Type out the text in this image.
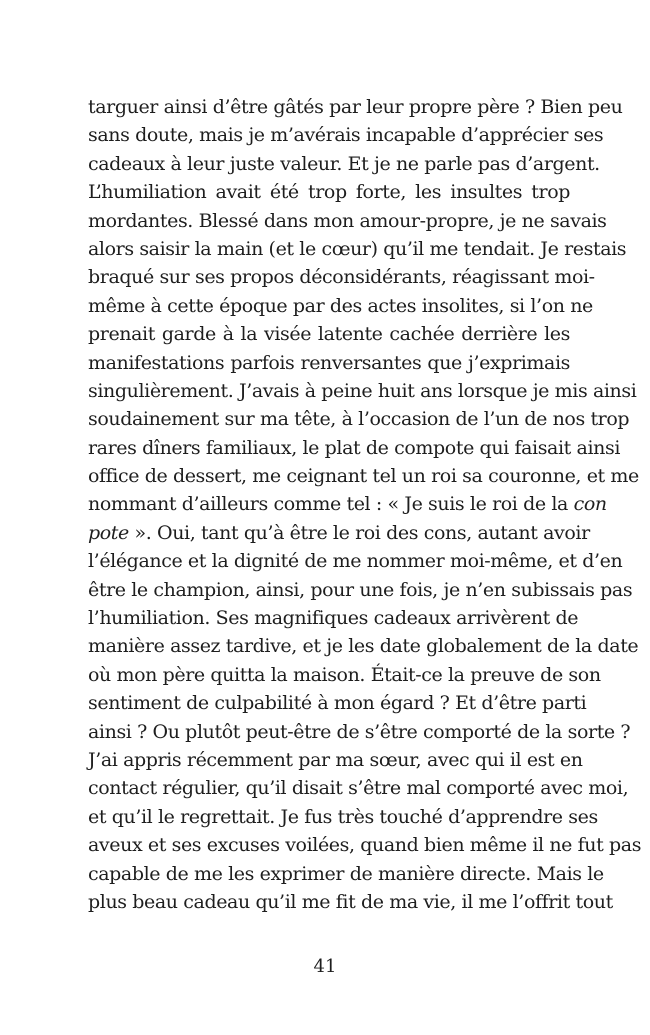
targuer ainsi d’être gâtés par leur propre père ? Bien peu
sans doute, mais je m’avérais incapable d’apprécier ses
cadeaux à leur juste valeur. Et je ne parle pas d’argent.
L’humiliation avait été trop forte, les insultes trop
mordantes. Blessé dans mon amour-propre, je ne savais
alors saisir la main (et le cœur) qu’il me tendait. Je restais
braqué sur ses propos déconsidérants, réagissant moi-
même à cette époque par des actes insolites, si l’on ne
prenait garde à la visée latente cachée derrière les
manifestations parfois renversantes que j’exprimais
singulièrement. J’avais à peine huit ans lorsque je mis ainsi
soudainement sur ma tête, à l’occasion de l’un de nos trop
rares dîners familiaux, le plat de compote qui faisait ainsi
office de dessert, me ceignant tel un roi sa couronne, et me
nommant d’ailleurs comme tel : « Je suis le roi de la con
pote ». Oui, tant qu’à être le roi des cons, autant avoir
l’élégance et la dignité de me nommer moi-même, et d’en
être le champion, ainsi, pour une fois, je n’en subissais pas
l’humiliation. Ses magnifiques cadeaux arrivèrent de
manière assez tardive, et je les date globalement de la date
où mon père quitta la maison. Était-ce la preuve de son
sentiment de culpabilité à mon égard ? Et d’être parti
ainsi ? Ou plutôt peut-être de s’être comporté de la sorte ?
J’ai appris récemment par ma sœur, avec qui il est en
contact régulier, qu’il disait s’être mal comporté avec moi,
et qu’il le regrettait. Je fus très touché d’apprendre ses
aveux et ses excuses voilées, quand bien même il ne fut pas
capable de me les exprimer de manière directe. Mais le
plus beau cadeau qu’il me fit de ma vie, il me l’offrit tout
41
